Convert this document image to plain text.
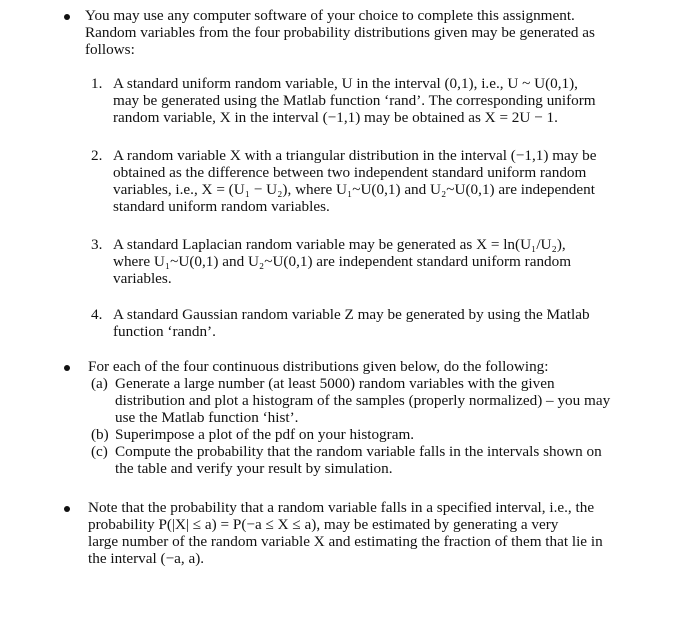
You may use any computer software of your choice to complete this assignment.
Random variables from the four probability distributions given may be generated as
follows:
1. A standard uniform random variable, U in the interval (0,1), i.e., U ~ U(0,1),
may be generated using the Matlab function ‘rand’. The corresponding uniform
random variable, X in the interval (−1,1) may be obtained as X = 2U − 1.
2. A random variable X with a triangular distribution in the interval (−1,1) may be
obtained as the difference between two independent standard uniform random
variables, i.e., X = (U₁ − U₂), where U₁~U(0,1) and U₂~U(0,1) are independent
standard uniform random variables.
3. A standard Laplacian random variable may be generated as X = ln(U₁/U₂),
where U₁~U(0,1) and U₂~U(0,1) are independent standard uniform random
variables.
4. A standard Gaussian random variable Z may be generated by using the Matlab
function ‘randn’.
For each of the four continuous distributions given below, do the following:
(a) Generate a large number (at least 5000) random variables with the given
distribution and plot a histogram of the samples (properly normalized) – you may
use the Matlab function ‘hist’.
(b) Superimpose a plot of the pdf on your histogram.
(c) Compute the probability that the random variable falls in the intervals shown on
the table and verify your result by simulation.
Note that the probability that a random variable falls in a specified interval, i.e., the
probability P(|X| ≤ a) = P(−a ≤ X ≤ a), may be estimated by generating a very
large number of the random variable X and estimating the fraction of them that lie in
the interval (−a, a).
